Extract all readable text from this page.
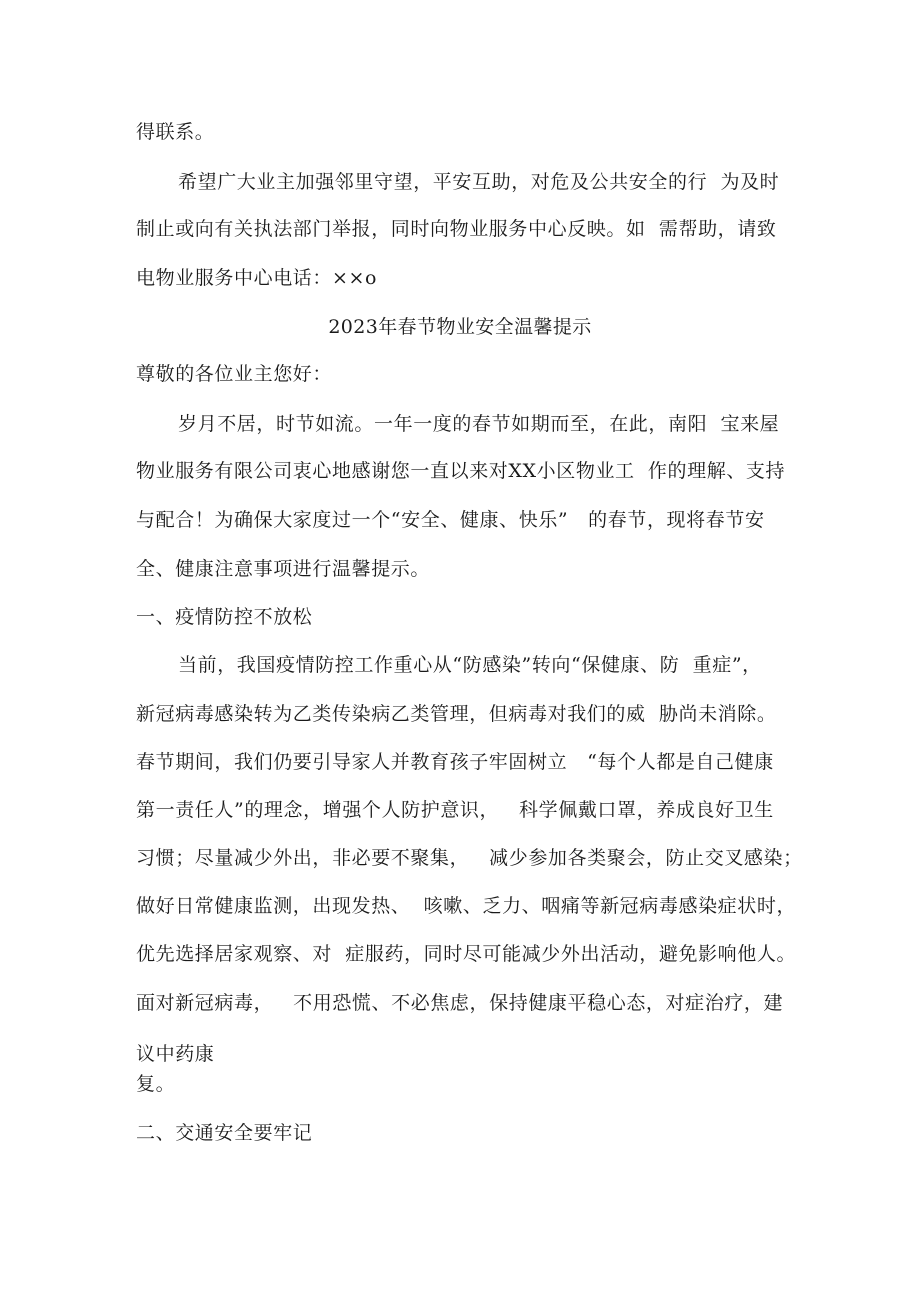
得联系。
希望广大业主加强邻里守望，平安互助，对危及公共安全的行  为及时
制止或向有关执法部门举报，同时向物业服务中心反映。如  需帮助，请致
电物业服务中心电话：××o
2023年春节物业安全温馨提示
尊敬的各位业主您好：
岁月不居，时节如流。一年一度的春节如期而至，在此，南阳  宝来屋
物业服务有限公司衷心地感谢您一直以来对XX小区物业工  作的理解、支持
与配合！为确保大家度过一个“安全、健康、快乐”   的春节，现将春节安
全、健康注意事项进行温馨提示。
一、疫情防控不放松
当前，我国疫情防控工作重心从“防感染”转向“保健康、防  重症”，
新冠病毒感染转为乙类传染病乙类管理，但病毒对我们的威  胁尚未消除。
春节期间，我们仍要引导家人并教育孩子牢固树立   “每个人都是自己健康
第一责任人”的理念，增强个人防护意识，   科学佩戴口罩，养成良好卫生
习惯；尽量减少外出，非必要不聚集，   减少参加各类聚会，防止交叉感染；
做好日常健康监测，出现发热、  咳嗽、乏力、咽痛等新冠病毒感染症状时，
优先选择居家观察、对  症服药，同时尽可能减少外出活动，避免影响他人。
面对新冠病毒，   不用恐慌、不必焦虑，保持健康平稳心态，对症治疗，建
议中药康
复。
二、交通安全要牢记
